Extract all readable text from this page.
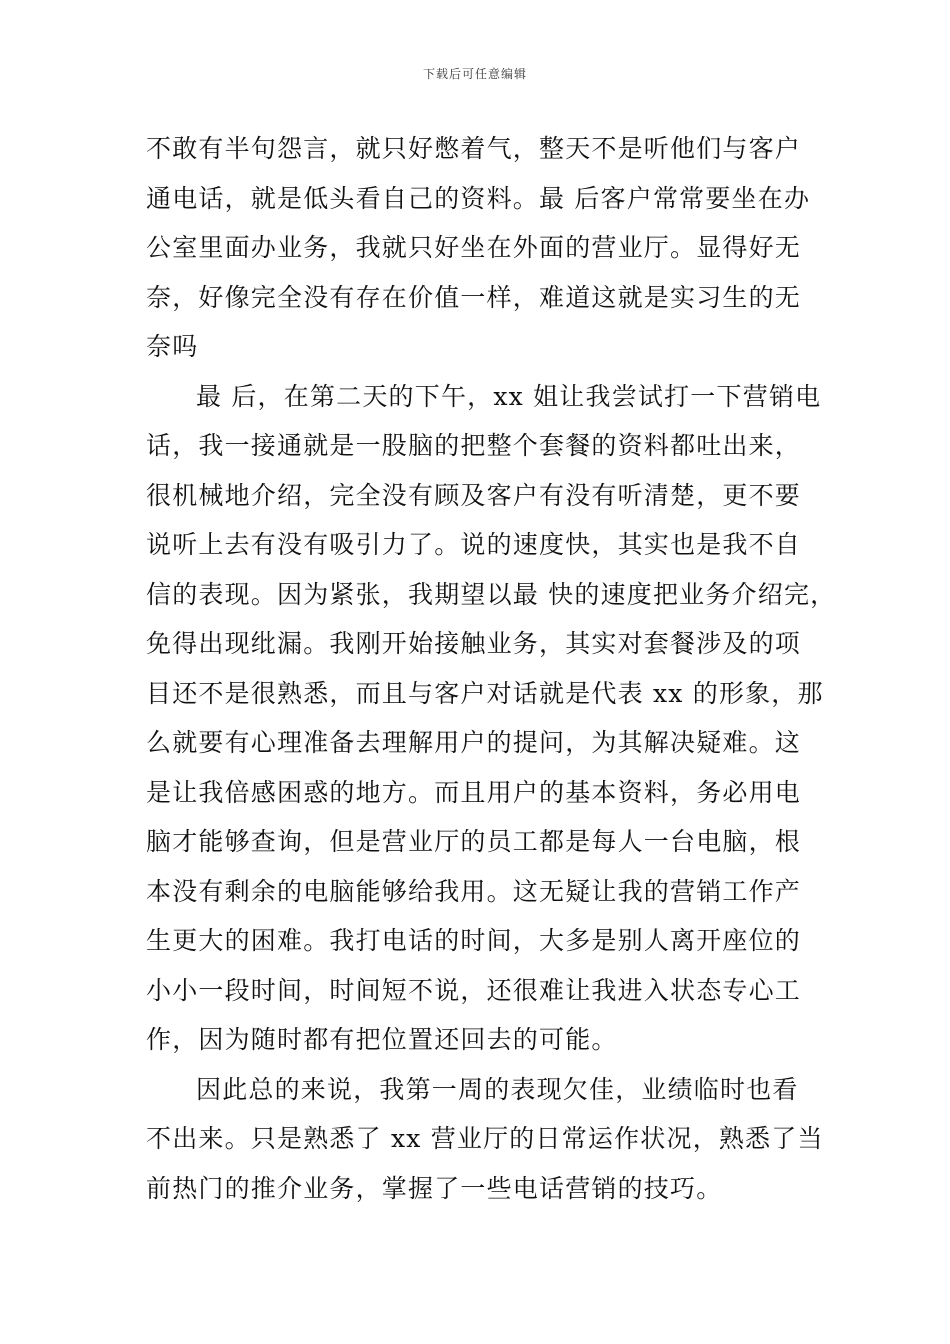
下载后可任意编辑
不敢有半句怨言，就只好憋着气，整天不是听他们与客户
通电话，就是低头看自己的资料。最 后客户常常要坐在办
公室里面办业务，我就只好坐在外面的营业厅。显得好无
奈，好像完全没有存在价值一样，难道这就是实习生的无
奈吗
最 后，在第二天的下午，xx 姐让我尝试打一下营销电
话，我一接通就是一股脑的把整个套餐的资料都吐出来，
很机械地介绍，完全没有顾及客户有没有听清楚，更不要
说听上去有没有吸引力了。说的速度快，其实也是我不自
信的表现。因为紧张，我期望以最 快的速度把业务介绍完，
免得出现纰漏。我刚开始接触业务，其实对套餐涉及的项
目还不是很熟悉，而且与客户对话就是代表 xx 的形象，那
么就要有心理准备去理解用户的提问，为其解决疑难。这
是让我倍感困惑的地方。而且用户的基本资料，务必用电
脑才能够查询，但是营业厅的员工都是每人一台电脑，根
本没有剩余的电脑能够给我用。这无疑让我的营销工作产
生更大的困难。我打电话的时间，大多是别人离开座位的
小小一段时间，时间短不说，还很难让我进入状态专心工
作，因为随时都有把位置还回去的可能。
因此总的来说，我第一周的表现欠佳，业绩临时也看
不出来。只是熟悉了 xx 营业厅的日常运作状况，熟悉了当
前热门的推介业务，掌握了一些电话营销的技巧。
